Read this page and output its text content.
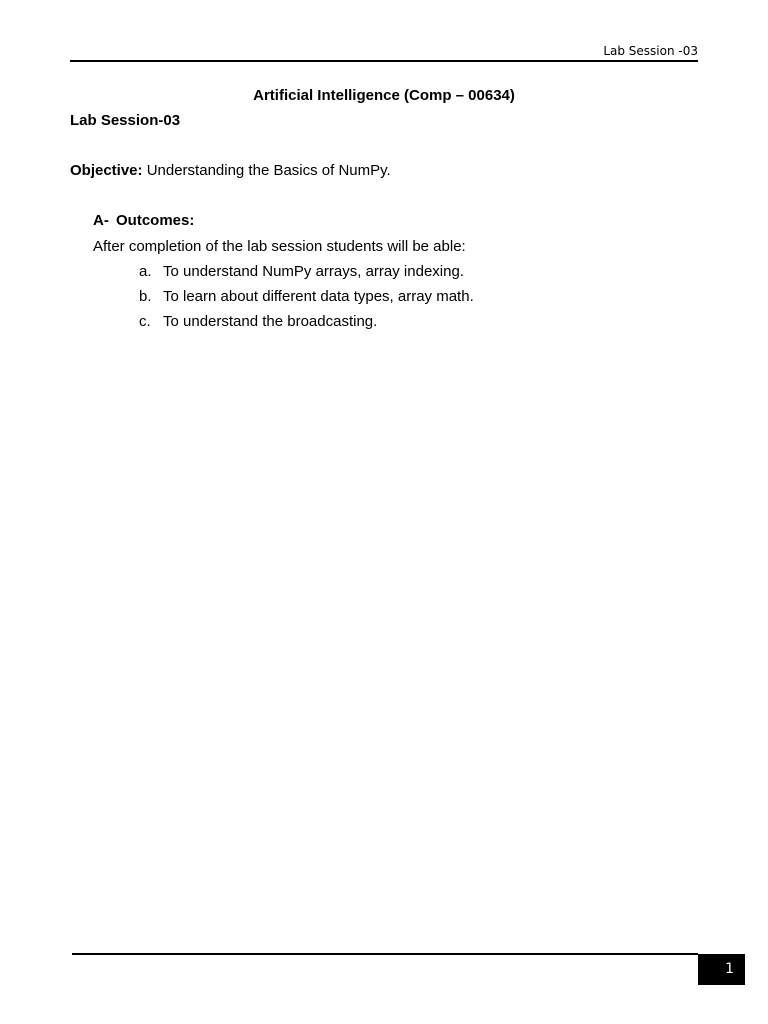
Lab Session -03
Artificial Intelligence (Comp – 00634)
Lab Session-03
Objective: Understanding the Basics of NumPy.
A- Outcomes:
After completion of the lab session students will be able:
a. To understand NumPy arrays, array indexing.
b. To learn about different data types, array math.
c. To understand the broadcasting.
1
